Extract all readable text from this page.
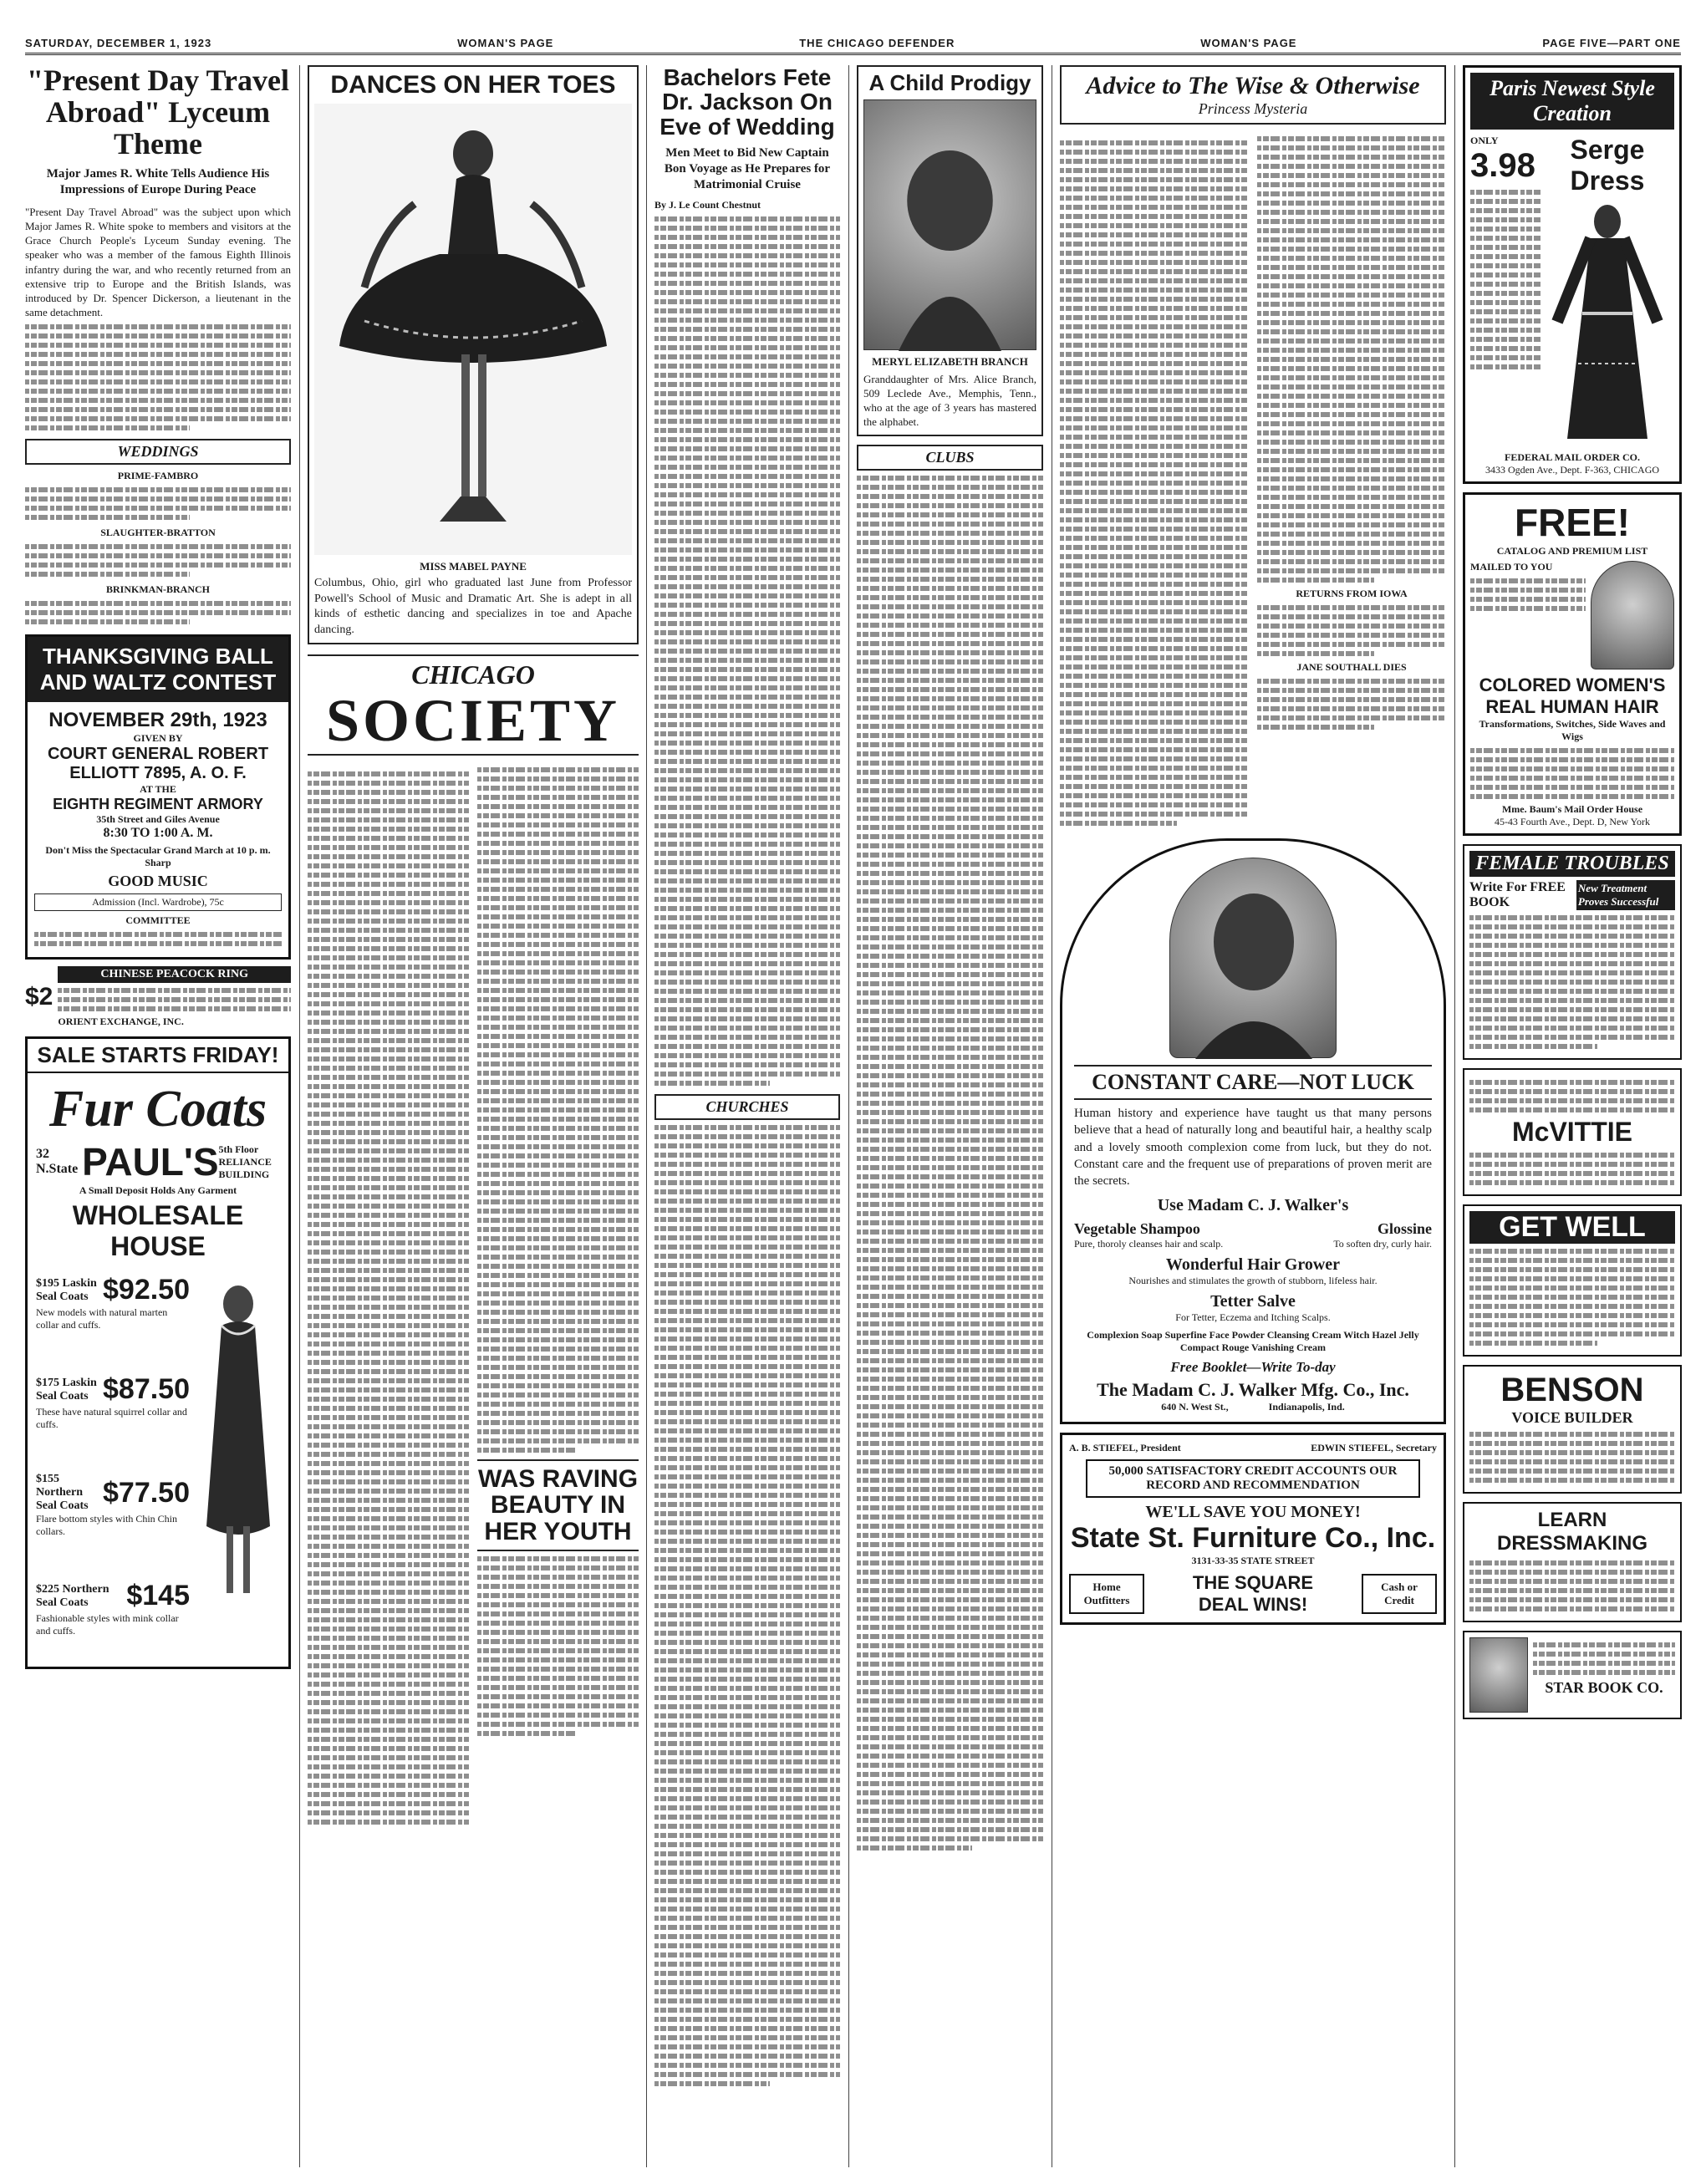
SATURDAY, DECEMBER 1, 1923	WOMAN'S PAGE	THE CHICAGO DEFENDER	WOMAN'S PAGE	PAGE FIVE—PART ONE
"Present Day Travel Abroad" Lyceum Theme
Major James R. White Tells Audience His Impressions of Europe During Peace
"Present Day Travel Abroad" was the subject upon which Major James R. White spoke to members and visitors at the Grace Church People's Lyceum Sunday evening. The speaker who was a member of the famous Eighth Illinois infantry during the war, and who recently returned from an extensive trip to Europe and the British Islands, was introduced by Dr. Spencer Dickerson, a lieutenant in the same detachment.
WEDDINGS
PRIME-FAMBRO
SLAUGHTER-BRATTON
BRINKMAN-BRANCH
THANKSGIVING BALL AND WALTZ CONTEST
NOVEMBER 29th, 1923
GIVEN BY
COURT GENERAL ROBERT ELLIOTT 7895, A. O. F.
AT THE
EIGHTH REGIMENT ARMORY
35th Street and Giles Avenue
8:30 TO 1:00 A. M.
Don't Miss the Spectacular Grand March at 10 p. m. Sharp
GOOD MUSIC
Admission (Incl. Wardrobe), 75c
COMMITTEE
$2
CHINESE PEACOCK RING
ORIENT EXCHANGE, INC.
SALE STARTS FRIDAY!
Fur Coats
32 N.State PAUL'S 5th Floor RELIANCE BUILDING
A Small Deposit Holds Any Garment
WHOLESALE HOUSE
$195 Laskin Seal Coats $92.50
New models with natural marten collar and cuffs.
$175 Laskin Seal Coats $87.50
These have natural squirrel collar and cuffs.
$155 Northern Seal Coats $77.50
Flare bottom styles with Chin Chin collars.
$225 Northern Seal Coats	$145
Fashionable styles with mink collar and cuffs.
DANCES ON HER TOES
MISS MABEL PAYNE
Columbus, Ohio, girl who graduated last June from Professor Powell's School of Music and Dramatic Art. She is adept in all kinds of esthetic dancing and specializes in toe and Apache dancing.
CHICAGO
SOCIETY
WAS RAVING BEAUTY IN HER YOUTH
Bachelors Fete Dr. Jackson On Eve of Wedding
Men Meet to Bid New Captain Bon Voyage as He Prepares for Matrimonial Cruise
By J. Le Count Chestnut
CHURCHES
A Child Prodigy
MERYL ELIZABETH BRANCH
Granddaughter of Mrs. Alice Branch, 509 Leclede Ave., Memphis, Tenn., who at the age of 3 years has mastered the alphabet.
CLUBS
Advice to The Wise & Otherwise
Princess Mysteria
RETURNS FROM IOWA
JANE SOUTHALL DIES
CONSTANT CARE—NOT LUCK
Human history and experience have taught us that many persons believe that a head of naturally long and beautiful hair, a healthy scalp and a lovely smooth complexion come from luck, but they do not. Constant care and the frequent use of preparations of proven merit are the secrets.
Use Madam C. J. Walker's
Vegetable Shampoo
Pure, thoroly cleanses hair and scalp.
Glossine
To soften dry, curly hair.
Wonderful Hair Grower
Nourishes and stimulates the growth of stubborn, lifeless hair.
Tetter Salve
For Tetter, Eczema and Itching Scalps.
Complexion Soap Superfine Face Powder Cleansing Cream Witch Hazel Jelly Compact Rouge Vanishing Cream
Free Booklet—Write To-day
The Madam C. J. Walker Mfg. Co., Inc.
640 N. West St.,                Indianapolis, Ind.
A. B. STIEFEL, President	EDWIN STIEFEL, Secretary
50,000 SATISFACTORY CREDIT ACCOUNTS OUR RECORD AND RECOMMENDATION
WE'LL SAVE YOU MONEY!
State St. Furniture Co., Inc.
3131-33-35 STATE STREET
Home Outfitters
THE SQUARE DEAL WINS!
Cash or Credit
Paris Newest Style Creation
ONLY
3.98	Serge Dress
FEDERAL MAIL ORDER CO.
3433 Ogden Ave., Dept. F-363, CHICAGO
FREE!
CATALOG AND PREMIUM LIST
MAILED TO YOU
COLORED WOMEN'S
REAL HUMAN HAIR
Transformations, Switches, Side Waves and Wigs
Mme. Baum's Mail Order House
45-43 Fourth Ave., Dept. D, New York
FEMALE TROUBLES
Write For FREE BOOK
New Treatment Proves Successful
McVITTIE
GET WELL
BENSON
VOICE BUILDER
LEARN DRESSMAKING
STAR BOOK CO.
